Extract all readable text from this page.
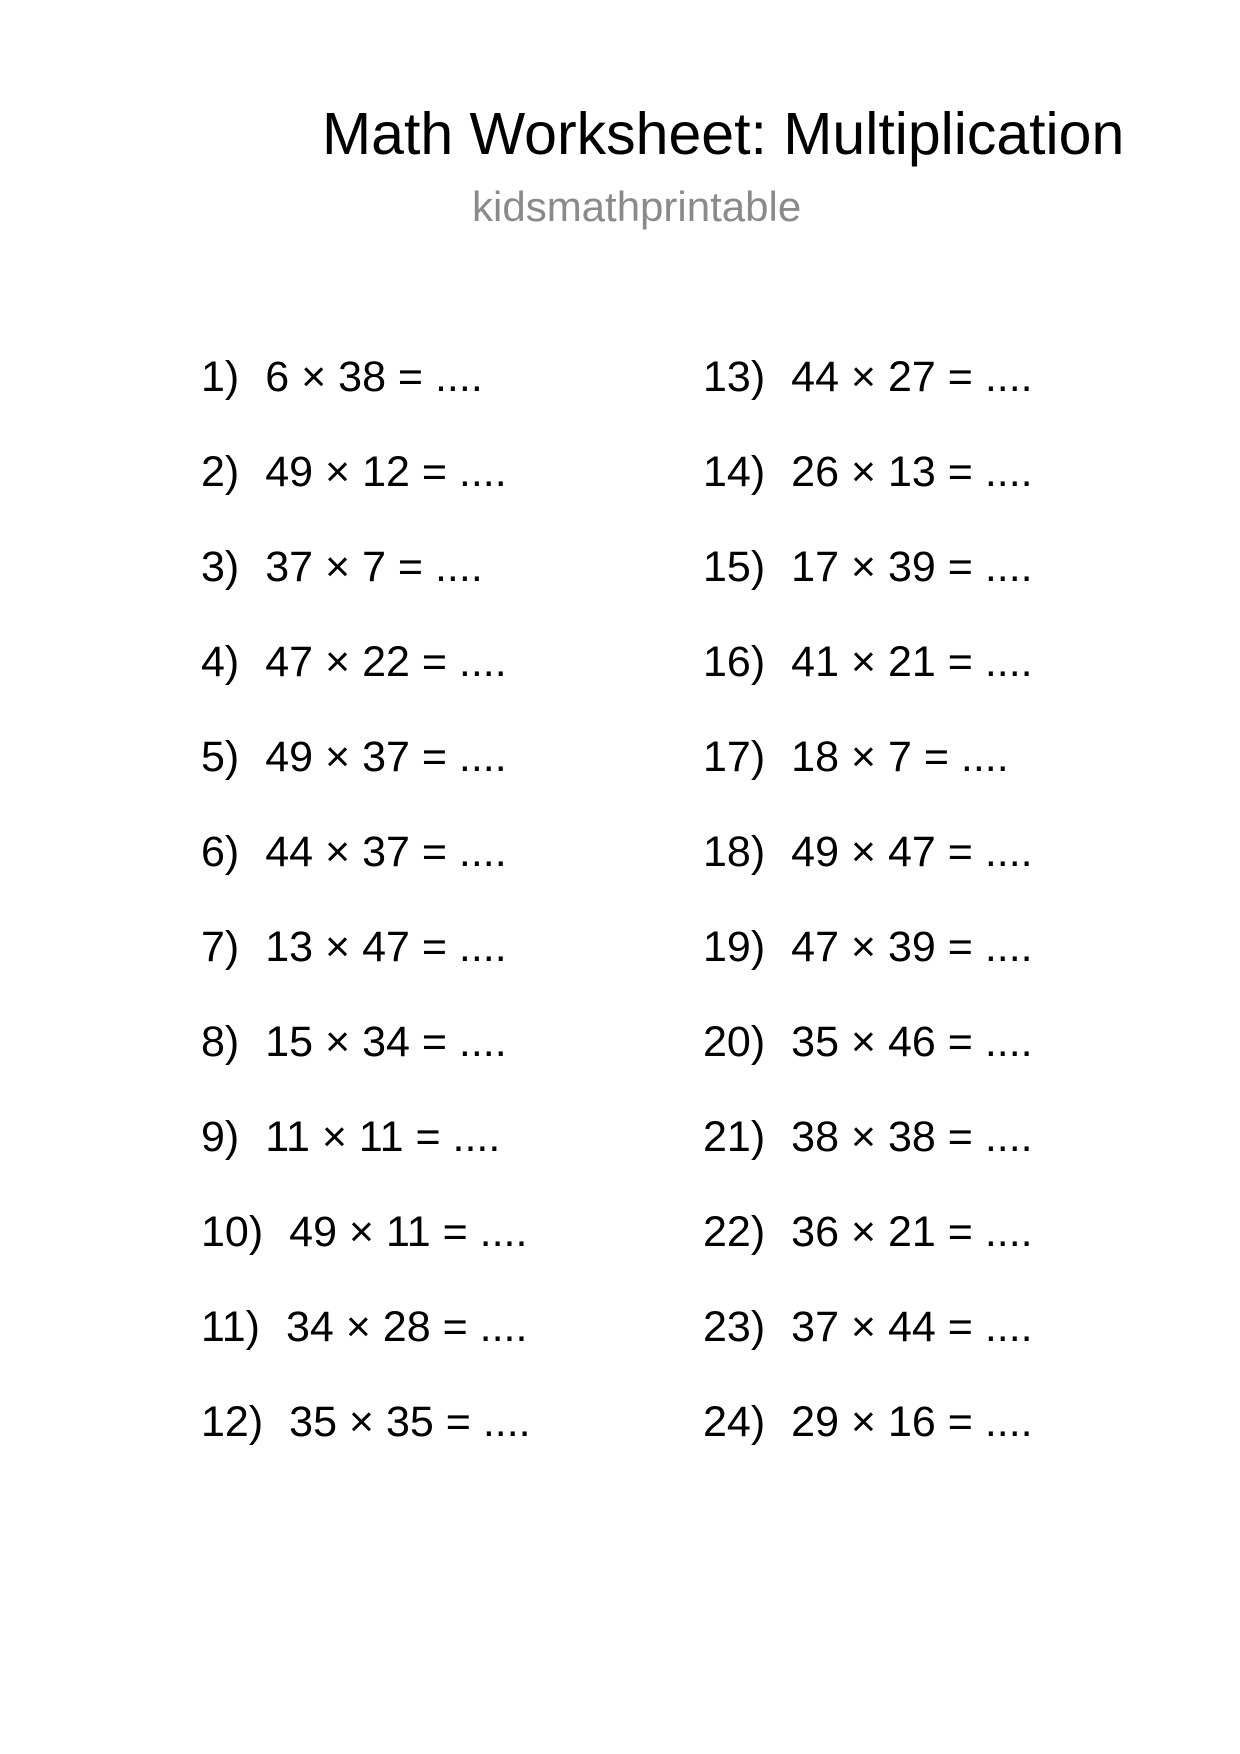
Math Worksheet: Multiplication
kidsmathprintable
1) 6 × 38 = ....
2) 49 × 12 = ....
3) 37 × 7 = ....
4) 47 × 22 = ....
5) 49 × 37 = ....
6) 44 × 37 = ....
7) 13 × 47 = ....
8) 15 × 34 = ....
9) 11 × 11 = ....
10) 49 × 11 = ....
11) 34 × 28 = ....
12) 35 × 35 = ....
13) 44 × 27 = ....
14) 26 × 13 = ....
15) 17 × 39 = ....
16) 41 × 21 = ....
17) 18 × 7 = ....
18) 49 × 47 = ....
19) 47 × 39 = ....
20) 35 × 46 = ....
21) 38 × 38 = ....
22) 36 × 21 = ....
23) 37 × 44 = ....
24) 29 × 16 = ....
